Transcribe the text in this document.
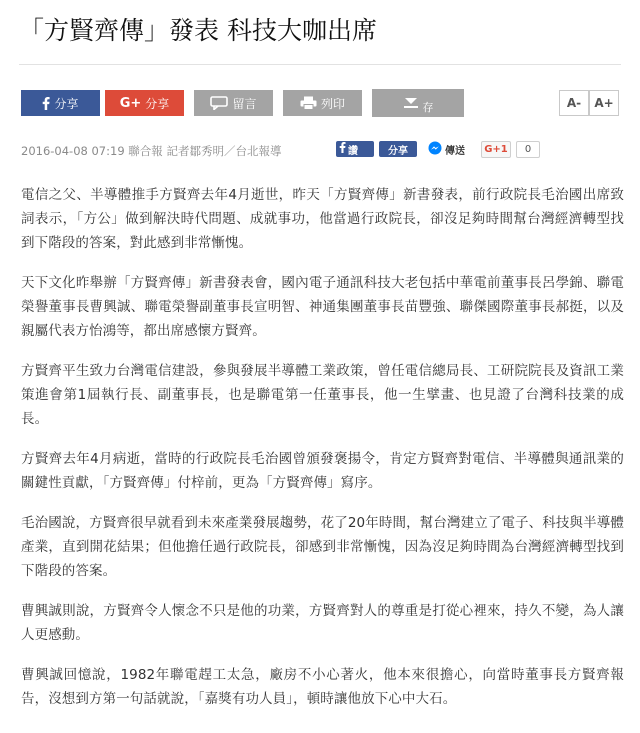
「方賢齊傳」發表 科技大咖出席
分享	G+ 分享	留言	列印	存	A-	A+
2016-04-08 07:19 聯合報 記者鄒秀明／台北報導	讚	分享	傳送	G+1	0

電信之父、半導體推手方賢齊去年4月逝世，昨天「方賢齊傳」新書發表，前行政院長毛治國出席致詞表示，「方公」做到解決時代問題、成就事功，他當過行政院長，卻沒足夠時間幫台灣經濟轉型找到下階段的答案，對此感到非常慚愧。

天下文化昨舉辦「方賢齊傳」新書發表會，國內電子通訊科技大老包括中華電前董事長呂學錦、聯電榮譽董事長曹興誠、聯電榮譽副董事長宣明智、神通集團董事長苗豐強、聯傑國際董事長郝挺，以及親屬代表方怡鴻等，都出席感懷方賢齊。

方賢齊平生致力台灣電信建設，參與發展半導體工業政策，曾任電信總局長、工研院院長及資訊工業策進會第1屆執行長、副董事長，也是聯電第一任董事長，他一生擘畫、也見證了台灣科技業的成長。

方賢齊去年4月病逝，當時的行政院長毛治國曾頒發褒揚令，肯定方賢齊對電信、半導體與通訊業的關鍵性貢獻，「方賢齊傳」付梓前，更為「方賢齊傳」寫序。

毛治國說，方賢齊很早就看到未來產業發展趨勢，花了20年時間，幫台灣建立了電子、科技與半導體產業，直到開花結果；但他擔任過行政院長，卻感到非常慚愧，因為沒足夠時間為台灣經濟轉型找到下階段的答案。

曹興誠則說，方賢齊令人懷念不只是他的功業，方賢齊對人的尊重是打從心裡來，持久不變，為人讓人更感動。

曹興誠回憶說，1982年聯電趕工太急，廠房不小心著火，他本來很擔心，向當時董事長方賢齊報告，沒想到方第一句話就說，「嘉獎有功人員」，頓時讓他放下心中大石。
